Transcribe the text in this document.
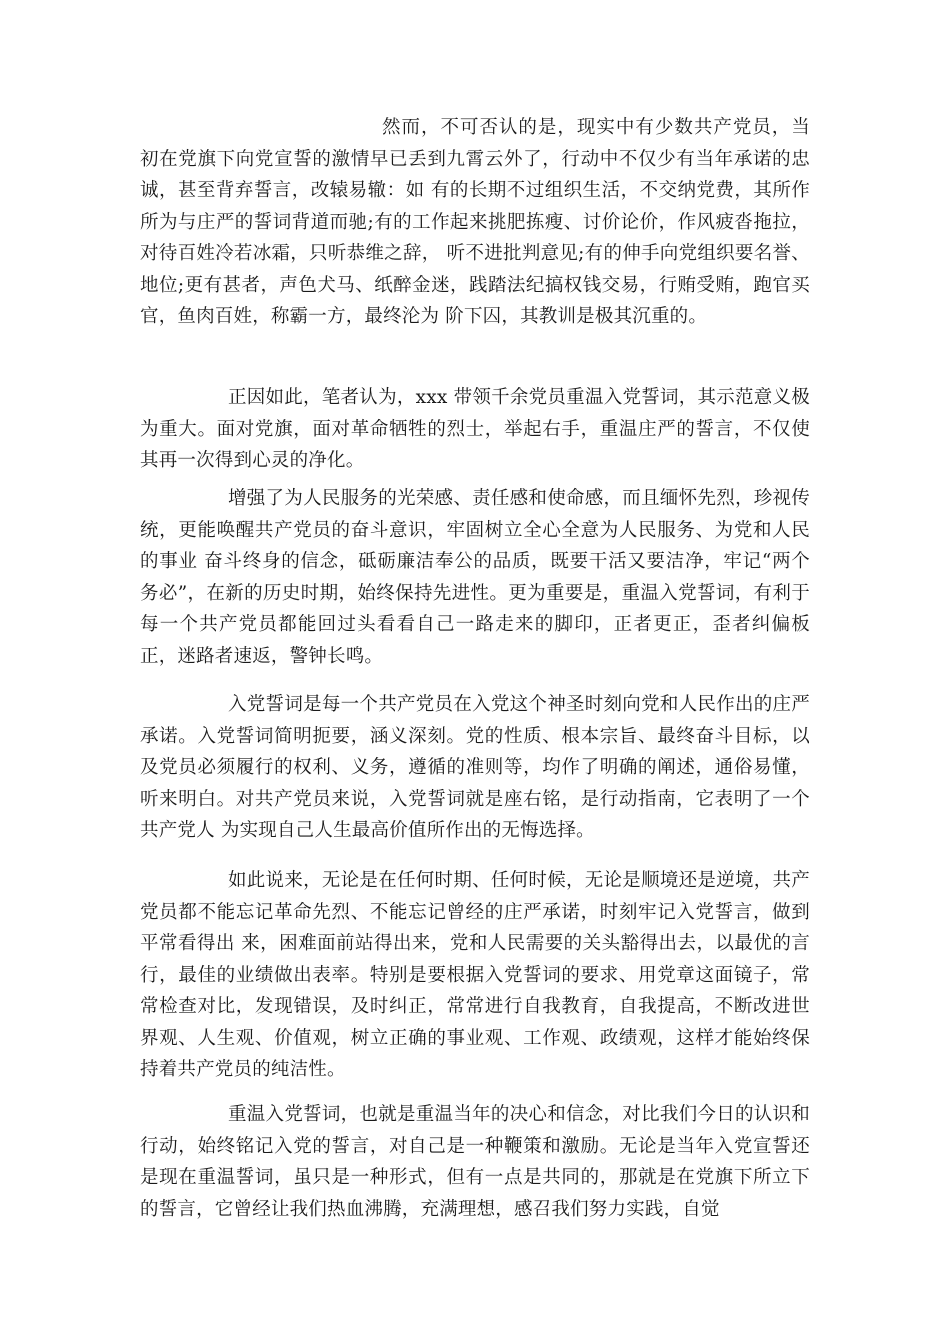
然而，不可否认的是，现实中有少数共产党员，当初在党旗下向党宣誓的激情早已丢到九霄云外了，行动中不仅少有当年承诺的忠诚，甚至背弃誓言，改辕易辙：如 有的长期不过组织生活，不交纳党费，其所作所为与庄严的誓词背道而驰;有的工作起来挑肥拣瘦、讨价论价，作风疲沓拖拉，对待百姓冷若冰霜，只听恭维之辞， 听不进批判意见;有的伸手向党组织要名誉、地位;更有甚者，声色犬马、纸醉金迷，践踏法纪搞权钱交易，行贿受贿，跑官买官，鱼肉百姓，称霸一方，最终沦为 阶下囚，其教训是极其沉重的。

正因如此，笔者认为，xxx 带领千余党员重温入党誓词，其示范意义极为重大。面对党旗，面对革命牺牲的烈士，举起右手，重温庄严的誓言，不仅使其再一次得到心灵的净化。

增强了为人民服务的光荣感、责任感和使命感，而且缅怀先烈，珍视传统，更能唤醒共产党员的奋斗意识，牢固树立全心全意为人民服务、为党和人民的事业 奋斗终身的信念，砥砺廉洁奉公的品质，既要干活又要洁净，牢记“两个务必”，在新的历史时期，始终保持先进性。更为重要是，重温入党誓词，有利于每一个共产党员都能回过头看看自己一路走来的脚印，正者更正，歪者纠偏板正，迷路者速返，警钟长鸣。

入党誓词是每一个共产党员在入党这个神圣时刻向党和人民作出的庄严承诺。入党誓词简明扼要，涵义深刻。党的性质、根本宗旨、最终奋斗目标，以及党员必须履行的权利、义务，遵循的准则等，均作了明确的阐述，通俗易懂，听来明白。对共产党员来说，入党誓词就是座右铭，是行动指南，它表明了一个共产党人 为实现自己人生最高价值所作出的无悔选择。

如此说来，无论是在任何时期、任何时候，无论是顺境还是逆境，共产党员都不能忘记革命先烈、不能忘记曾经的庄严承诺，时刻牢记入党誓言，做到平常看得出 来，困难面前站得出来，党和人民需要的关头豁得出去，以最优的言行，最佳的业绩做出表率。特别是要根据入党誓词的要求、用党章这面镜子，常常检查对比，发现错误，及时纠正，常常进行自我教育，自我提高，不断改进世界观、人生观、价值观，树立正确的事业观、工作观、政绩观，这样才能始终保持着共产党员的纯洁性。

重温入党誓词，也就是重温当年的决心和信念，对比我们今日的认识和行动，始终铭记入党的誓言，对自己是一种鞭策和激励。无论是当年入党宣誓还是现在重温誓词，虽只是一种形式，但有一点是共同的，那就是在党旗下所立下的誓言，它曾经让我们热血沸腾，充满理想，感召我们努力实践，自觉
